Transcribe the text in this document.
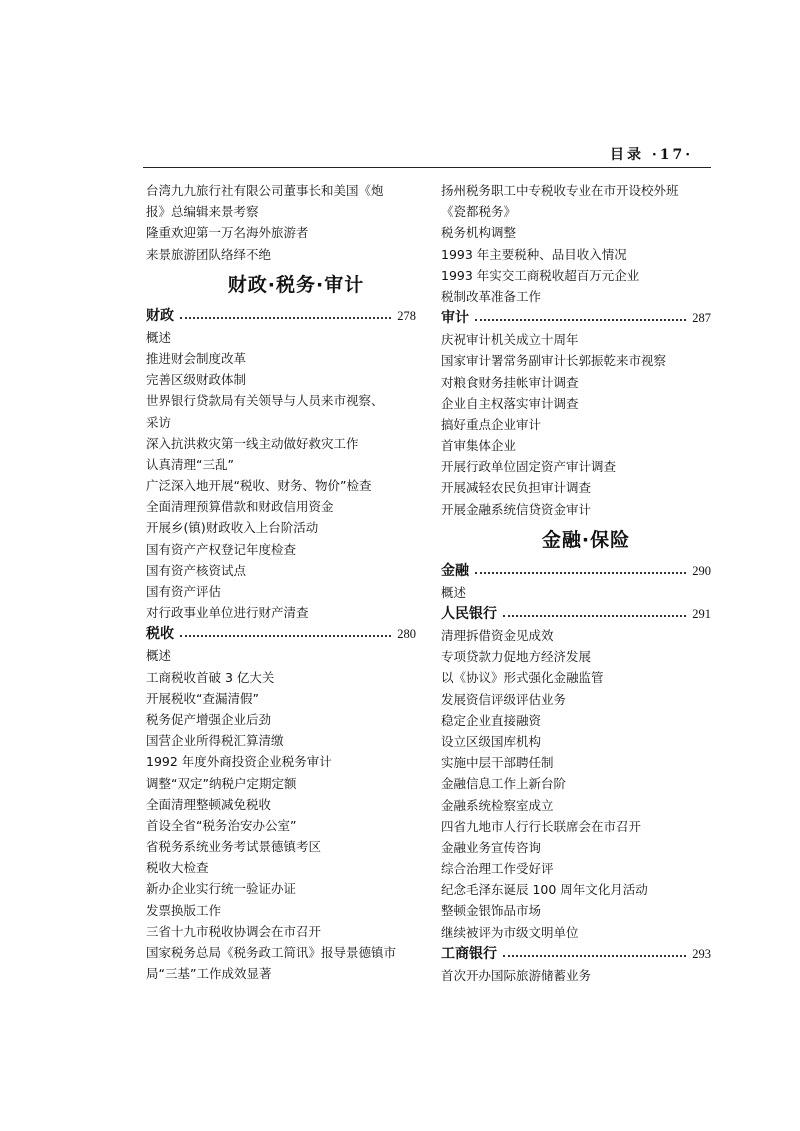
目录 ·17·
台湾九九旅行社有限公司董事长和美国《炮
报》总编辑来景考察
隆重欢迎第一万名海外旅游者
来景旅游团队络绎不绝
财政·税务·审计
财政	278
概述
推进财会制度改革
完善区级财政体制
世界银行贷款局有关领导与人员来市视察、
采访
深入抗洪救灾第一线主动做好救灾工作
认真清理“三乱”
广泛深入地开展“税收、财务、物价”检查
全面清理预算借款和财政信用资金
开展乡(镇)财政收入上台阶活动
国有资产产权登记年度检查
国有资产核资试点
国有资产评估
对行政事业单位进行财产清查
税收	280
概述
工商税收首破 3 亿大关
开展税收“查漏清假”
税务促产增强企业后劲
国营企业所得税汇算清缴
1992 年度外商投资企业税务审计
调整“双定”纳税户定期定额
全面清理整顿减免税收
首设全省“税务治安办公室”
省税务系统业务考试景德镇考区
税收大检查
新办企业实行统一验证办证
发票换版工作
三省十九市税收协调会在市召开
国家税务总局《税务政工简讯》报导景德镇市
局“三基”工作成效显著
扬州税务职工中专税收专业在市开设校外班
《瓷都税务》
税务机构调整
1993 年主要税种、品目收入情况
1993 年实交工商税收超百万元企业
税制改革准备工作
审计	287
庆祝审计机关成立十周年
国家审计署常务副审计长郭振乾来市视察
对粮食财务挂帐审计调查
企业自主权落实审计调查
搞好重点企业审计
首审集体企业
开展行政单位固定资产审计调查
开展减轻农民负担审计调查
开展金融系统信贷资金审计
金融·保险
金融	290
概述
人民银行	291
清理拆借资金见成效
专项贷款力促地方经济发展
以《协议》形式强化金融监管
发展资信评级评估业务
稳定企业直接融资
设立区级国库机构
实施中层干部聘任制
金融信息工作上新台阶
金融系统检察室成立
四省九地市人行行长联席会在市召开
金融业务宣传咨询
综合治理工作受好评
纪念毛泽东诞辰 100 周年文化月活动
整顿金银饰品市场
继续被评为市级文明单位
工商银行	293
首次开办国际旅游储蓄业务
